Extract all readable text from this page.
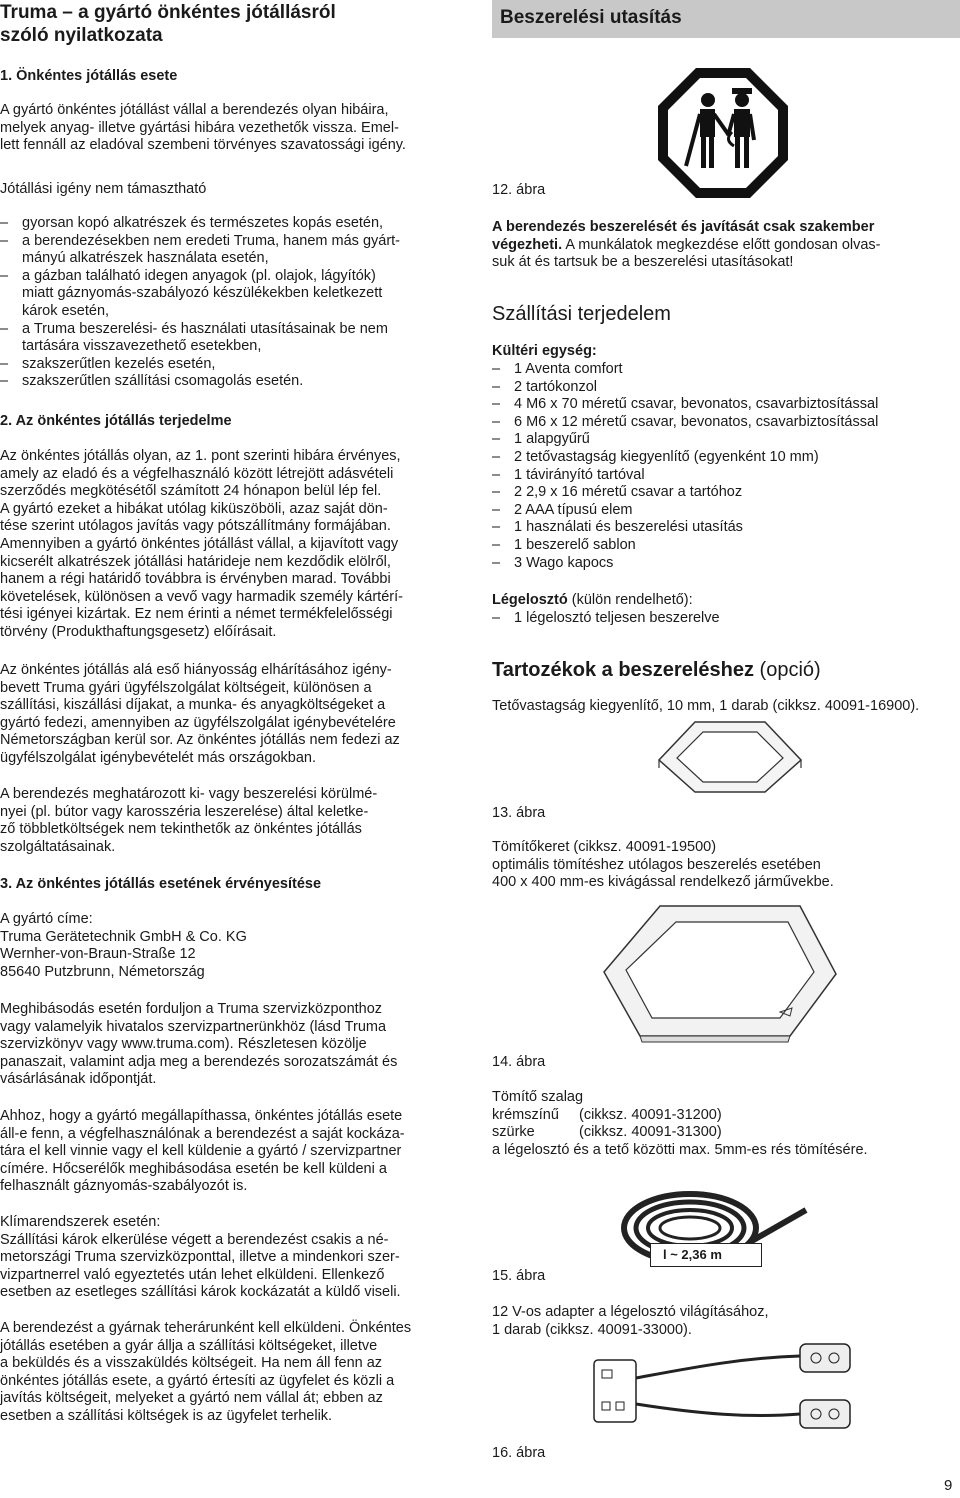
Truma – a gyártó önkéntes jótállásról
szóló nyilatkozata
Beszerelési utasítás
1. Önkéntes jótállás esete
A gyártó önkéntes jótállást vállal a berendezés olyan hibáira,
melyek anyag- illetve gyártási hibára vezethetők vissza. Emel-
lett fennáll az eladóval szembeni törvényes szavatossági igény.
Jótállási igény nem támasztható
– gyorsan kopó alkatrészek és természetes kopás esetén,
– a berendezésekben nem eredeti Truma, hanem más gyárt-
mányú alkatrészek használata esetén,
– a gázban található idegen anyagok (pl. olajok, lágyítók)
miatt gáznyomás-szabályozó készülékekben keletkezett
károk esetén,
– a Truma beszerelési- és használati utasításainak be nem
tartására visszavezethető esetekben,
– szakszerűtlen kezelés esetén,
– szakszerűtlen szállítási csomagolás esetén.
2. Az önkéntes jótállás terjedelme
Az önkéntes jótállás olyan, az 1. pont szerinti hibára érvényes,
amely az eladó és a végfelhasználó között létrejött adásvételi
szerződés megkötésétől számított 24 hónapon belül lép fel.
A gyártó ezeket a hibákat utólag kiküszöböli, azaz saját dön-
tése szerint utólagos javítás vagy pótszállítmány formájában.
Amennyiben a gyártó önkéntes jótállást vállal, a kijavított vagy
kicserélt alkatrészek jótállási határideje nem kezdődik elölről,
hanem a régi határidő továbbra is érvényben marad. További
követelések, különösen a vevő vagy harmadik személy kártérí-
tési igényei kizártak. Ez nem érinti a német termékfelelősségi
törvény (Produkthaftungsgesetz) előírásait.
Az önkéntes jótállás alá eső hiányosság elhárításához igény-
bevett Truma gyári ügyfélszolgálat költségeit, különösen a
szállítási, kiszállási díjakat, a munka- és anyagköltségeket a
gyártó fedezi, amennyiben az ügyfélszolgálat igénybevételére
Németországban kerül sor. Az önkéntes jótállás nem fedezi az
ügyfélszolgálat igénybevételét más országokban.
A berendezés meghatározott ki- vagy beszerelési körülmé-
nyei (pl. bútor vagy karosszéria leszerelése) által keletke-
ző többletköltségek nem tekinthetők az önkéntes jótállás
szolgáltatásainak.
3. Az önkéntes jótállás esetének érvényesítése
A gyártó címe:
Truma Gerätetechnik GmbH & Co. KG
Wernher-von-Braun-Straße 12
85640 Putzbrunn, Németország
Meghibásodás esetén forduljon a Truma szervizközponthoz
vagy valamelyik hivatalos szervizpartnerünkhöz (lásd Truma
szervizkönyv vagy www.truma.com). Részletesen közölje
panaszait, valamint adja meg a berendezés sorozatszámát és
vásárlásának időpontját.
Ahhoz, hogy a gyártó megállapíthassa, önkéntes jótállás esete
áll-e fenn, a végfelhasználónak a berendezést a saját kockáza-
tára el kell vinnie vagy el kell küldenie a gyártó / szervizpartner
címére. Hőcserélők meghibásodása esetén be kell küldeni a
felhasznált gáznyomás-szabályozót is.
Klímarendszerek esetén:
Szállítási károk elkerülése végett a berendezést csakis a né-
metországi Truma szervizközponttal, illetve a mindenkori szer-
vizpartnerrel való egyeztetés után lehet elküldeni. Ellenkező
esetben az esetleges szállítási károk kockázatát a küldő viseli.
A berendezést a gyárnak teherárunként kell elküldeni. Önkéntes
jótállás esetében a gyár állja a szállítási költségeket, illetve
a beküldés és a visszaküldés költségeit. Ha nem áll fenn az
önkéntes jótállás esete, a gyártó értesíti az ügyfelet és közli a
javítás költségeit, melyeket a gyártó nem vállal át; ebben az
esetben a szállítási költségek is az ügyfelet terhelik.
12. ábra
A berendezés beszerelését és javítását csak szakember
végezheti. A munkálatok megkezdése előtt gondosan olvas-
suk át és tartsuk be a beszerelési utasításokat!
Szállítási terjedelem
Kültéri egység:
– 1 Aventa comfort
– 2 tartókonzol
– 4 M6 x 70 méretű csavar, bevonatos, csavarbiztosítással
– 6 M6 x 12 méretű csavar, bevonatos, csavarbiztosítással
– 1 alapgyűrű
– 2 tetővastagság kiegyenlítő (egyenként 10 mm)
– 1 távirányító tartóval
– 2 2,9 x 16 méretű csavar a tartóhoz
– 2 AAA típusú elem
– 1 használati és beszerelési utasítás
– 1 beszerelő sablon
– 3 Wago kapocs
Légelosztó (külön rendelhető):
– 1 légelosztó teljesen beszerelve
Tartozékok a beszereléshez (opció)
Tetővastagság kiegyenlítő, 10 mm, 1 darab (cikksz. 40091-16900).
13. ábra
Tömítőkeret (cikksz. 40091-19500)
optimális tömítéshez utólagos beszerelés esetében
400 x 400 mm-es kivágással rendelkező járművekbe.
14. ábra
Tömítő szalag
krémszínű (cikksz. 40091-31200)
szürke	(cikksz. 40091-31300)
a légelosztó és a tető közötti max. 5mm-es rés tömítésére.
l ~ 2,36 m
15. ábra
12 V-os adapter a légelosztó világításához,
1 darab (cikksz. 40091-33000).
16. ábra
9
